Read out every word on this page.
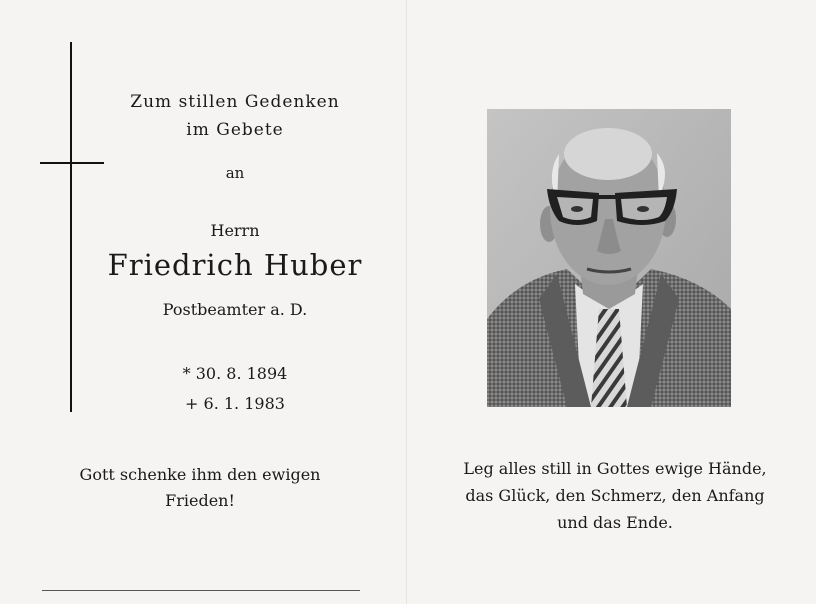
Zum stillen Gedenken
im Gebete
an
Herrn
Friedrich Huber
Postbeamter a. D.
* 30. 8. 1894
+ 6. 1. 1983
Gott schenke ihm den ewigen
Frieden!
Leg alles still in Gottes ewige Hände,
das Glück, den Schmerz, den Anfang
und das Ende.
